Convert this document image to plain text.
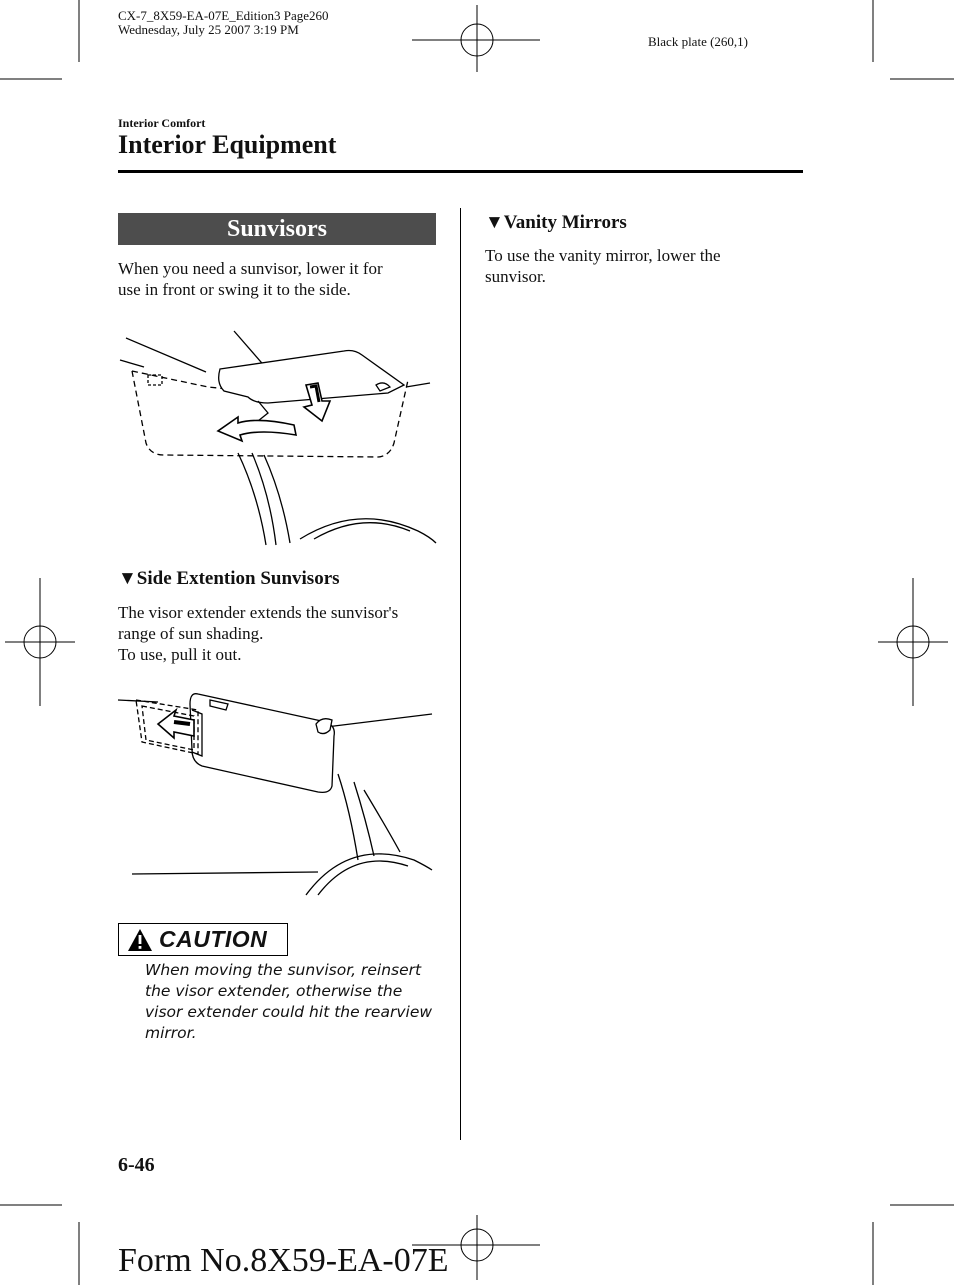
CX-7_8X59-EA-07E_Edition3 Page260
Wednesday, July 25 2007 3:19 PM
Black plate (260,1)
Interior Comfort
Interior Equipment
Sunvisors
When you need a sunvisor, lower it for
use in front or swing it to the side.
▼Side Extention Sunvisors
The visor extender extends the sunvisor's
range of sun shading.
To use, pull it out.
CAUTION
When moving the sunvisor, reinsert
the visor extender, otherwise the
visor extender could hit the rearview
mirror.
▼Vanity Mirrors
To use the vanity mirror, lower the
sunvisor.
6-46
Form No.8X59-EA-07E
